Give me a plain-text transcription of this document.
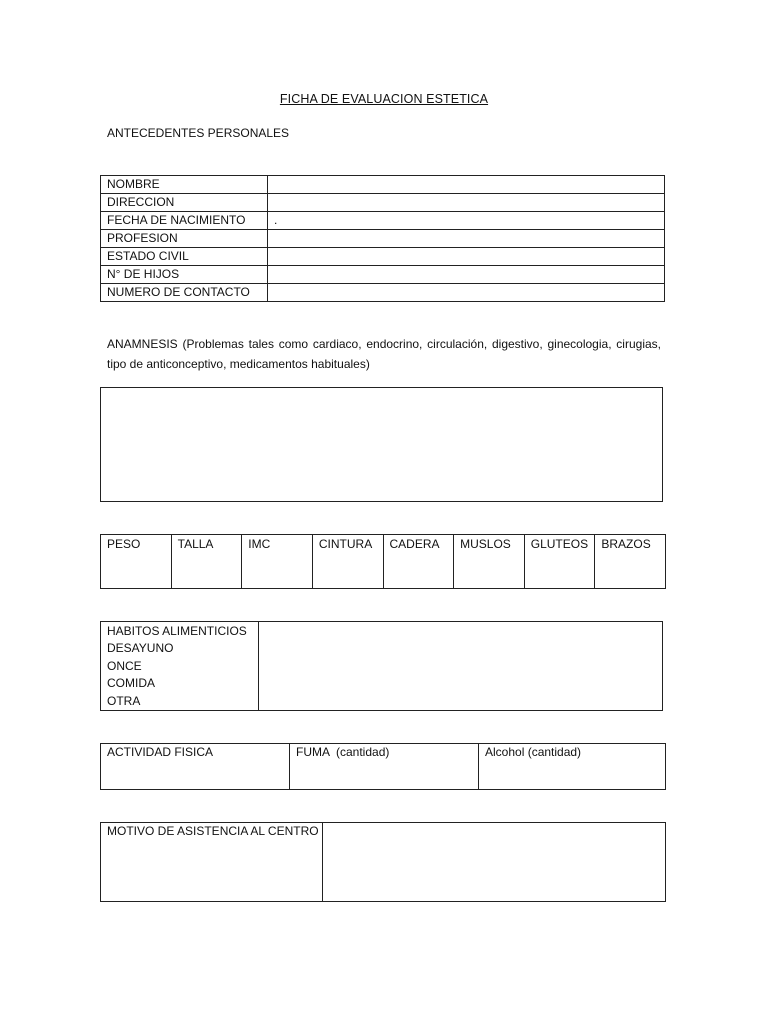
FICHA DE EVALUACION ESTETICA
ANTECEDENTES PERSONALES
NOMBRE	
DIRECCION	
FECHA DE NACIMIENTO	.
PROFESION	
ESTADO CIVIL	
N° DE HIJOS	
NUMERO DE CONTACTO	
ANAMNESIS (Problemas tales como cardiaco, endocrino, circulación, digestivo, ginecologia, cirugias, tipo de anticonceptivo, medicamentos habituales)
PESO	TALLA	IMC	CINTURA	CADERA	MUSLOS	GLUTEOS	BRAZOS
HABITOS ALIMENTICIOS
DESAYUNO
ONCE
COMIDA
OTRA

ACTIVIDAD FISICA	FUMA  (cantidad)	Alcohol (cantidad)
MOTIVO DE ASISTENCIA AL CENTRO	
